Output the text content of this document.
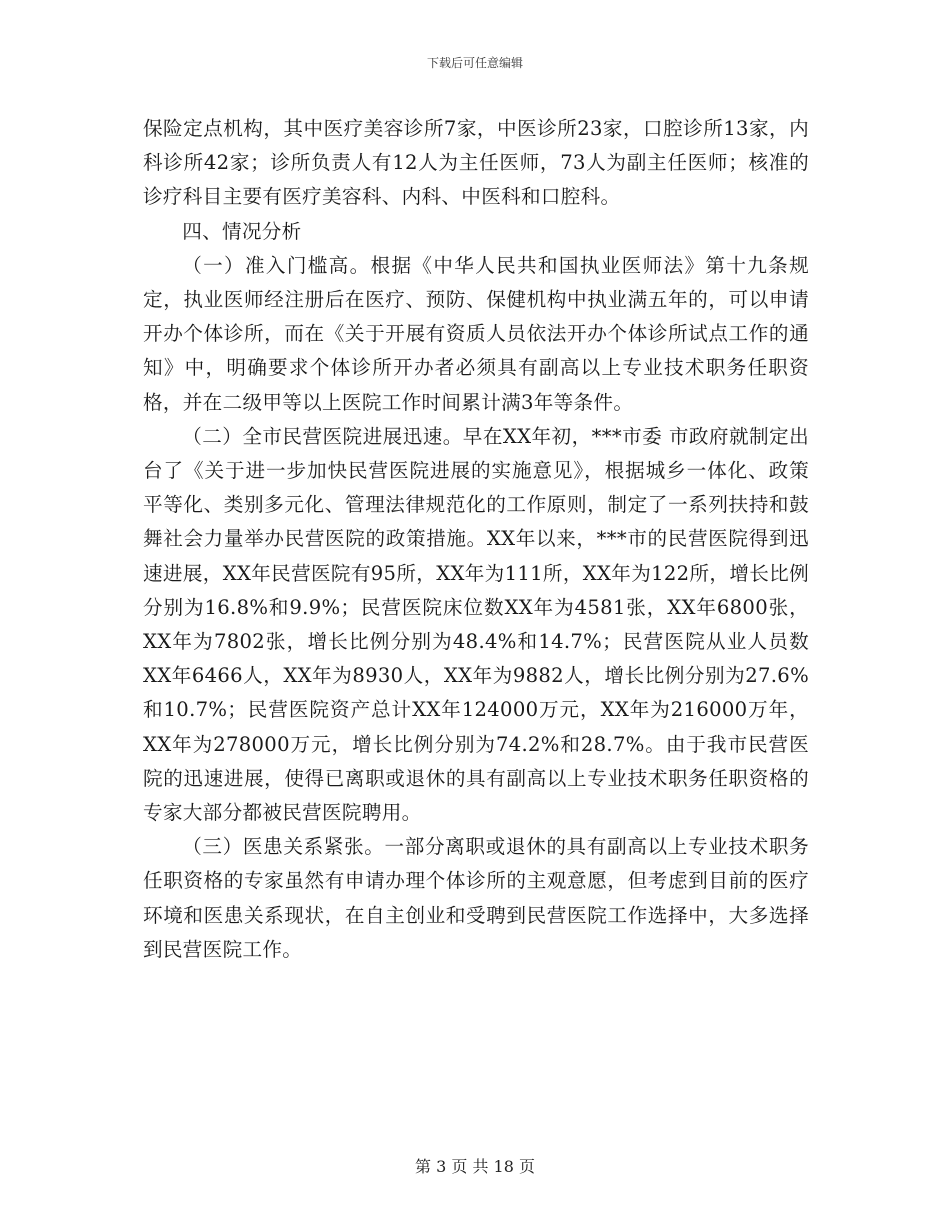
下载后可任意编辑

保险定点机构，其中医疗美容诊所7家，中医诊所23家，口腔诊所13家，内科诊所42家；诊所负责人有12人为主任医师，73人为副主任医师；核准的诊疗科目主要有医疗美容科、内科、中医科和口腔科。

四、情况分析

（一）准入门槛高。根据《中华人民共和国执业医师法》第十九条规定，执业医师经注册后在医疗、预防、保健机构中执业满五年的，可以申请开办个体诊所，而在《关于开展有资质人员依法开办个体诊所试点工作的通知》中，明确要求个体诊所开办者必须具有副高以上专业技术职务任职资格，并在二级甲等以上医院工作时间累计满3年等条件。

（二）全市民营医院进展迅速。早在XX年初，***市委 市政府就制定出台了《关于进一步加快民营医院进展的实施意见》，根据城乡一体化、政策平等化、类别多元化、管理法律规范化的工作原则，制定了一系列扶持和鼓舞社会力量举办民营医院的政策措施。XX年以来，***市的民营医院得到迅速进展，XX年民营医院有95所，XX年为111所，XX年为122所，增长比例分别为16.8%和9.9%；民营医院床位数XX年为4581张，XX年6800张，XX年为7802张，增长比例分别为48.4%和14.7%；民营医院从业人员数XX年6466人，XX年为8930人，XX年为9882人，增长比例分别为27.6%和10.7%；民营医院资产总计XX年124000万元，XX年为216000万年，XX年为278000万元，增长比例分别为74.2%和28.7%。由于我市民营医院的迅速进展，使得已离职或退休的具有副高以上专业技术职务任职资格的专家大部分都被民营医院聘用。

（三）医患关系紧张。一部分离职或退休的具有副高以上专业技术职务任职资格的专家虽然有申请办理个体诊所的主观意愿，但考虑到目前的医疗环境和医患关系现状，在自主创业和受聘到民营医院工作选择中，大多选择到民营医院工作。

第 3 页 共 18 页
